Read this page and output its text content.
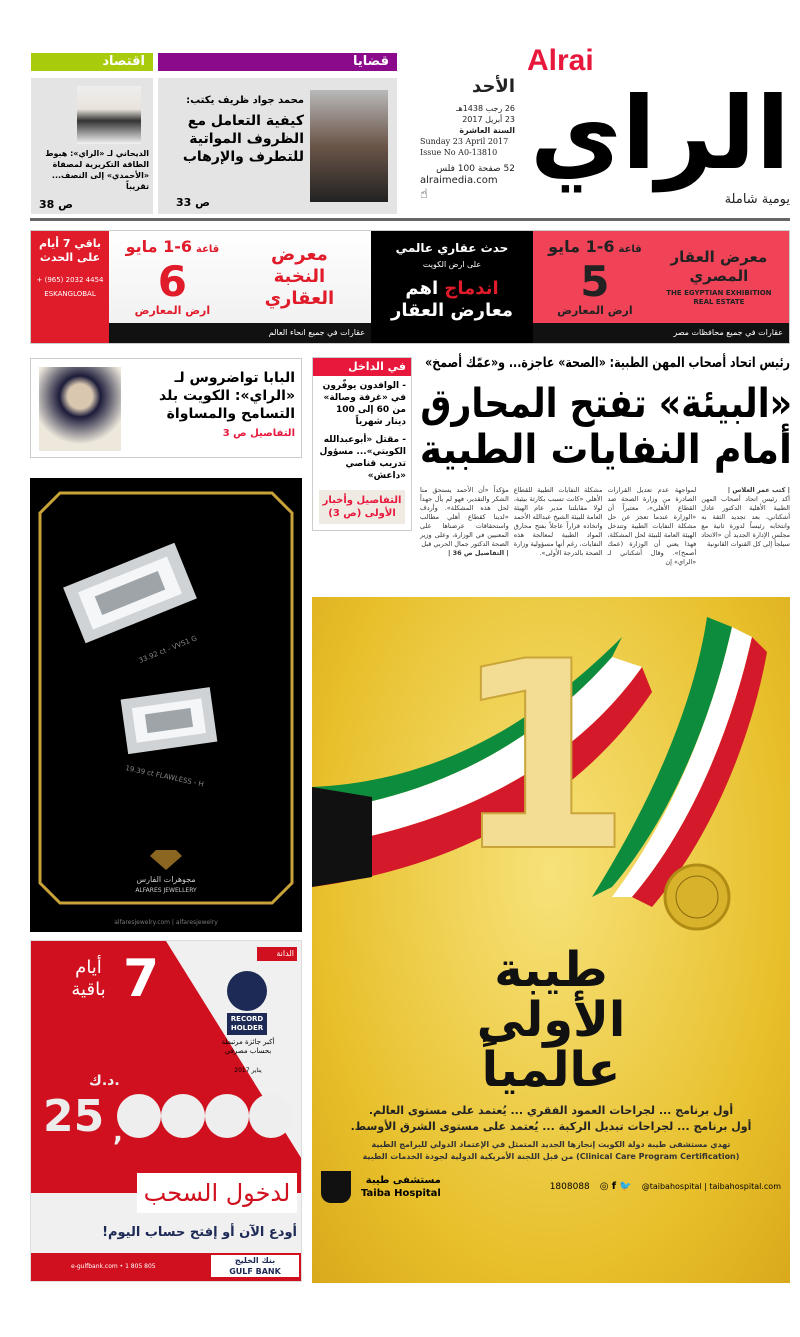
Alrai
الراي
يومية شاملة
الأحد
26 رجب 1438هـ
23 أبريل 2017
السنة العاشرة
Sunday 23 April 2017
Issue No A0-13810
52 صفحة 100 فلس
alraimedia.com
☝
قضايا
اقتصاد
محمد جواد ظريف يكتب:
كيفية التعامل مع الظروف المواتية للتطرف والإرهاب
ص 33
الديحاني لـ «الراي»: هبوط الطاقة التكريرية لمصفاة «الأحمدي» إلى النصف... تقريباً
ص 38
باقي 7 أيام على الحدث
+ (965) 2032 4454
ESKANGLOBAL
معرض النخبة العقاري
قاعة6-1 مايو
6
ارض المعارض
عقارات في جميع انحاء العالم
حدث عقاري عالمي
على ارض الكويت
اندماج اهم معارض العقار
معرض العقار المصري
THE EGYPTIAN EXHIBITION REAL ESTATE
قاعة6-1 مايو
5
ارض المعارض
عقارات في جميع محافظات مصر
رئيس اتحاد أصحاب المهن الطبية: «الصحة» عاجزة... و«عمّك أصمخ»
«البيئة» تفتح المحارق
أمام النفايات الطبية
| كتب عمر العلاس |
أكد رئيس اتحاد أصحاب المهن الطبية الأهلية الدكتور عادل أشكناني، بعد تجديد الثقة به وانتخابه رئيساً لدورة ثانية مع مجلس الإدارة الجديد أن «الاتحاد سيلجأ إلى كل القنوات القانونية
لمواجهة عدم تعديل القرارات الصادرة من وزارة الصحة ضد القطاع الأهلي»، معتبراً أن «الوزارة عندما تعجز عن حل مشكلة النفايات الطبية وتتدخل الهيئة العامة للبيئة لحل المشكلة، فهذا يعني أن الوزارة (عمك أصمخ)». وقال أشكناني لـ «الراي» إن
مشكلة النفايات الطبية للقطاع الأهلي «كانت تسبب بكارثة بيئية، لولا مقابلتنا مدير عام الهيئة العامة للبيئة الشيخ عبدالله الأحمد واتخاذه قراراً عاجلاً بفتح محارق المواد الطبية لمعالجة هذه النفايات، رغم أنها مسؤولية وزارة الصحة بالدرجة الأولى».
مؤكداً «أن الأحمد يستحق منا الشكر والتقدير، فهو لم يأل جهداً لحل هذه المشكلة». وأردف «لدينا كقطاع أهلي مطالب واستحقاقات عرضناها على المعنيين في الوزارة، وعلى وزير الصحة الدكتور جمال الحربي قبل
| التفاصيل ص 36 |
في الداخل

- الوافدون يوفّرون في «غرفة وصالة» من 60 إلى 100 دينار شهرياً

- مقتل «أبوعبدالله الكويتي»... مسؤول تدريب قناصي «داعش»

التفاصيل وأخبار الأولى (ص 3)
البابا تواضروس لـ «الراي»: الكويت بلد التسامح والمساواة
التفاصيل ص 3
33.92 ct - VVS1 G
19.39 ct FLAWLESS - H
مجوهرات الفارس
ALFARES JEWELLERY
alfaresjewelry.com | alfaresjewelry
1
طيبة
الأولى
عالمياً
أول برنامج ... لجراحات العمود الفقري ... يُعتمد على مستوى العالم.
أول برنامج ... لجراحات تبديل الركبة ... يُعتمد على مستوى الشرق الأوسط.
تهدي مستشفى طيبة دولة الكويت إنجازها الجديد المتمثل في الإعتماد الدولي للبرامج الطبية
(Clinical Care Program Certification) من قبل اللجنة الأمريكية الدولية لجودة الخدمات الطبية
مستشفى طيبة
Taiba Hospital
1808088 ◎ f 🐦 @taibahospital | taibahospital.com
7
أيام
باقية
الدانة
RECORD
HOLDER
أكبر جائزة مرتبطة بحساب مصرفي
يناير 2017
د.ك.
25 ,
لدخول السحب
أودع الآن أو إفتح حساب اليوم!
e-gulfbank.com • 1 805 805
بنك الخليج
GULF BANK
